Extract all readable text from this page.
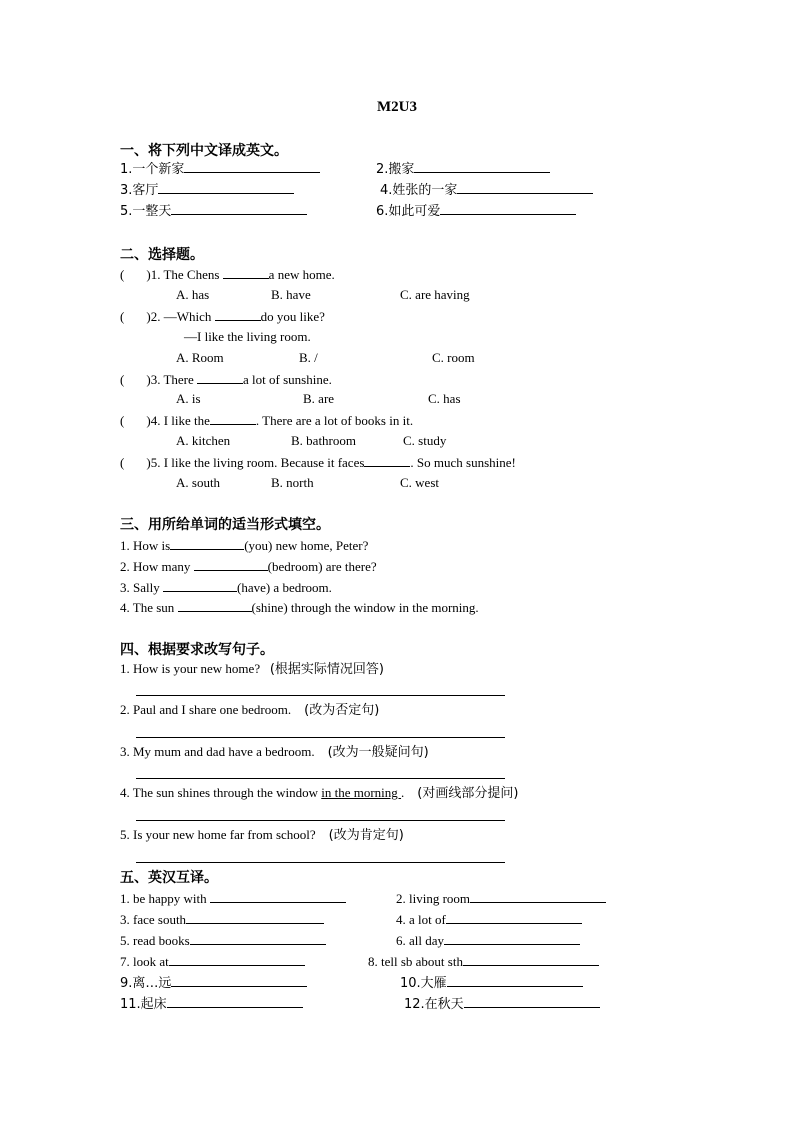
M2U3
一、将下列中文译成英文。
1.一个新家	2.搬家
3.客厅	4.姓张的一家
5.一整天	6.如此可爱
二、选择题。
( )1. The Chens	a new home.
A. has	B. have	C. are having
( )2. —Which	do you like?
—I like the living room.
A. Room	B. /	C. room
( )3. There	a lot of sunshine.
A. is	B. are	C. has
( )4. I like the	. There are a lot of books in it.
A. kitchen	B. bathroom	C. study
( )5. I like the living room. Because it faces	. So much sunshine!
A. south	B. north	C. west
三、用所给单词的适当形式填空。
1. How is	(you) new home, Peter?
2. How many	(bedroom) are there?
3. Sally	(have) a bedroom.
4. The sun	(shine) through the window in the morning.
四、根据要求改写句子。
1. How is your new home? (根据实际情况回答)
2. Paul and I share one bedroom. (改为否定句)
3. My mum and dad have a bedroom. (改为一般疑问句)
4. The sun shines through the window in the morning . (对画线部分提问)
5. Is your new home far from school? (改为肯定句)
五、英汉互译。
1. be happy with	2. living room
3. face south	4. a lot of
5. read books	6. all day
7. look at	8. tell sb about sth
9.离…远	10.大雁
11.起床	12.在秋天
